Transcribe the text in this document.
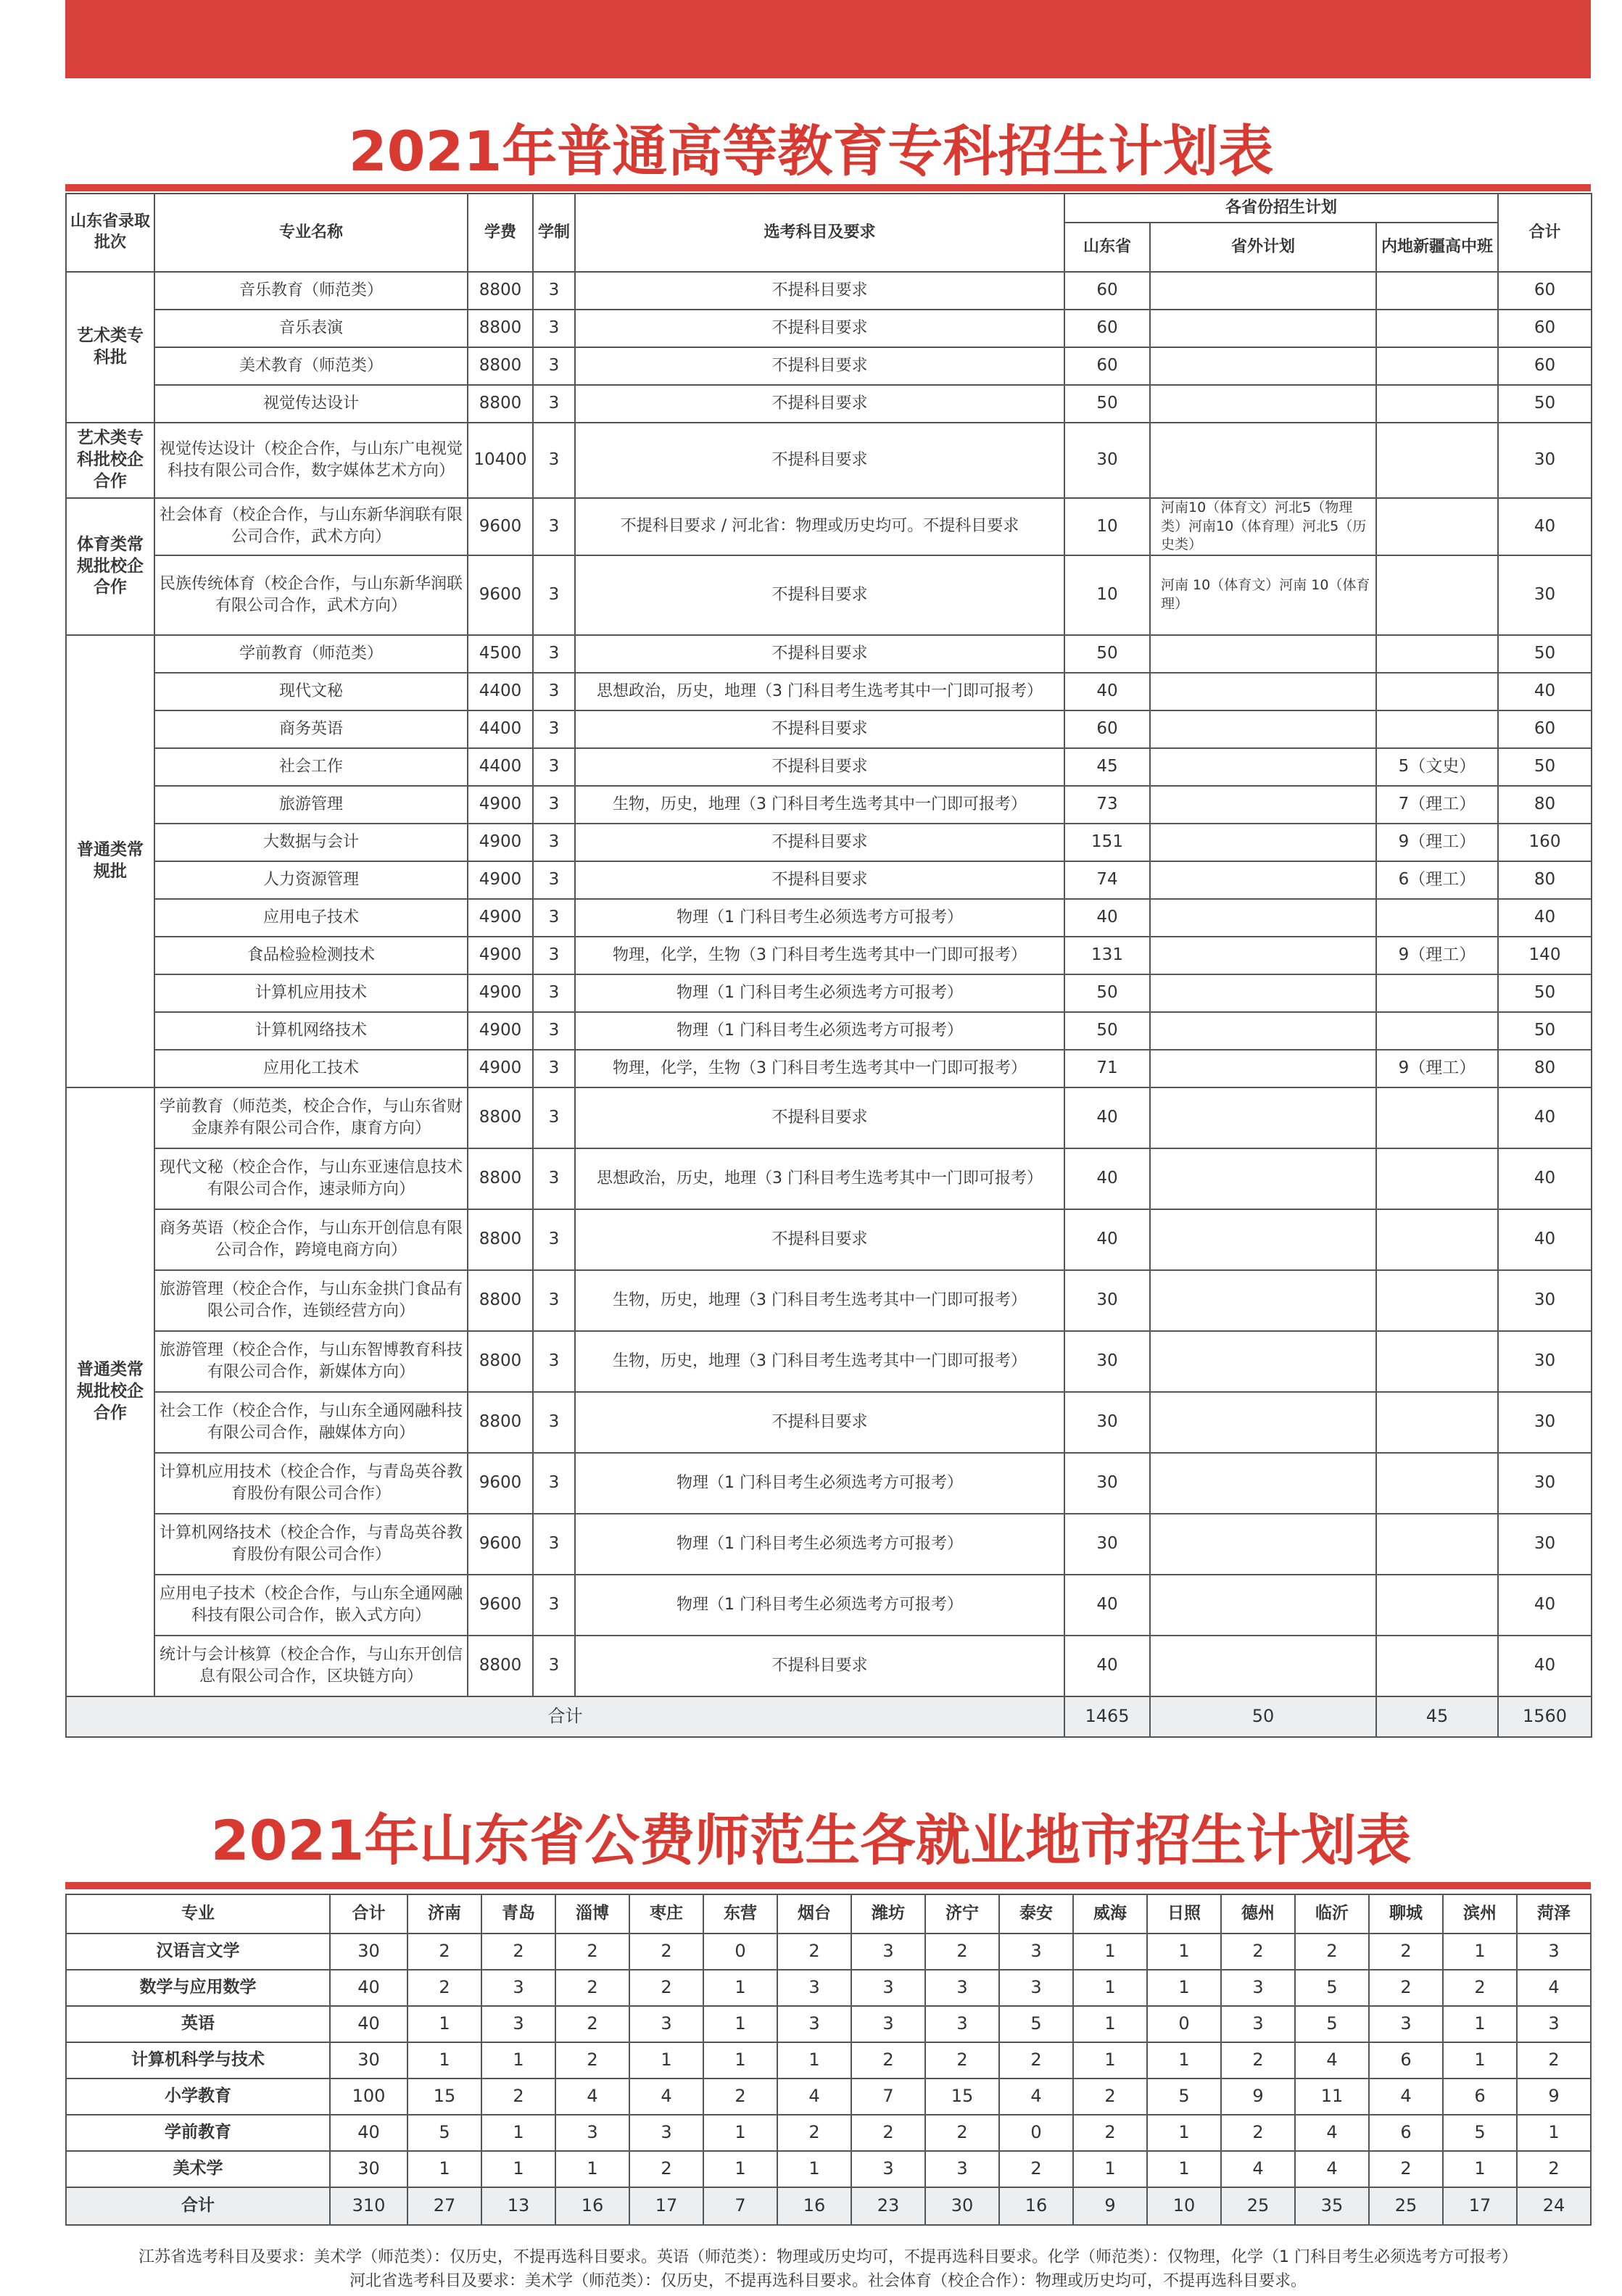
2021年普通高等教育专科招生计划表
山东省录取批次	专业名称	学费	学制	选考科目及要求	各省份招生计划			合计
					山东省	省外计划	内地新疆高中班	
艺术类专科批	音乐教育（师范类）	8800	3	不提科目要求	60			60
	音乐表演	8800	3	不提科目要求	60			60
	美术教育（师范类）	8800	3	不提科目要求	60			60
	视觉传达设计	8800	3	不提科目要求	50			50
艺术类专科批校企合作	视觉传达设计（校企合作，与山东广电视觉科技有限公司合作，数字媒体艺术方向）	10400	3	不提科目要求	30			30
体育类常规批校企合作	社会体育（校企合作，与山东新华润联有限公司合作，武术方向）	9600	3	不提科目要求 / 河北省：物理或历史均可。不提科目要求	10	河南10（体育文）河北5（物理类）河南10（体育理）河北5（历史类）		40
	民族传统体育（校企合作，与山东新华润联有限公司合作，武术方向）	9600	3	不提科目要求	10	河南 10（体育文）河南 10（体育理）		30
普通类常规批	学前教育（师范类）	4500	3	不提科目要求	50			50
	现代文秘	4400	3	思想政治，历史，地理（3 门科目考生选考其中一门即可报考）	40			40
	商务英语	4400	3	不提科目要求	60			60
	社会工作	4400	3	不提科目要求	45		5（文史）	50
	旅游管理	4900	3	生物，历史，地理（3 门科目考生选考其中一门即可报考）	73		7（理工）	80
	大数据与会计	4900	3	不提科目要求	151		9（理工）	160
	人力资源管理	4900	3	不提科目要求	74		6（理工）	80
	应用电子技术	4900	3	物理（1 门科目考生必须选考方可报考）	40			40
	食品检验检测技术	4900	3	物理，化学，生物（3 门科目考生选考其中一门即可报考）	131		9（理工）	140
	计算机应用技术	4900	3	物理（1 门科目考生必须选考方可报考）	50			50
	计算机网络技术	4900	3	物理（1 门科目考生必须选考方可报考）	50			50
	应用化工技术	4900	3	物理，化学，生物（3 门科目考生选考其中一门即可报考）	71		9（理工）	80
普通类常规批校企合作	学前教育（师范类，校企合作，与山东省财金康养有限公司合作，康育方向）	8800	3	不提科目要求	40			40
	现代文秘（校企合作，与山东亚速信息技术有限公司合作，速录师方向）	8800	3	思想政治，历史，地理（3 门科目考生选考其中一门即可报考）	40			40
	商务英语（校企合作，与山东开创信息有限公司合作，跨境电商方向）	8800	3	不提科目要求	40			40
	旅游管理（校企合作，与山东金拱门食品有限公司合作，连锁经营方向）	8800	3	生物，历史，地理（3 门科目考生选考其中一门即可报考）	30			30
	旅游管理（校企合作，与山东智博教育科技有限公司合作，新媒体方向）	8800	3	生物，历史，地理（3 门科目考生选考其中一门即可报考）	30			30
	社会工作（校企合作，与山东全通网融科技有限公司合作，融媒体方向）	8800	3	不提科目要求	30			30
	计算机应用技术（校企合作，与青岛英谷教育股份有限公司合作）	9600	3	物理（1 门科目考生必须选考方可报考）	30			30
	计算机网络技术（校企合作，与青岛英谷教育股份有限公司合作）	9600	3	物理（1 门科目考生必须选考方可报考）	30			30
	应用电子技术（校企合作，与山东全通网融科技有限公司合作，嵌入式方向）	9600	3	物理（1 门科目考生必须选考方可报考）	40			40
	统计与会计核算（校企合作，与山东开创信息有限公司合作，区块链方向）	8800	3	不提科目要求	40			40
合计					1465	50	45	1560
2021年山东省公费师范生各就业地市招生计划表
专业	合计	济南	青岛	淄博	枣庄	东营	烟台	潍坊	济宁	泰安	威海	日照	德州	临沂	聊城	滨州	菏泽
汉语言文学	30	2	2	2	2	0	2	3	2	3	1	1	2	2	2	1	3
数学与应用数学	40	2	3	2	2	1	3	3	3	3	1	1	3	5	2	2	4
英语	40	1	3	2	3	1	3	3	3	5	1	0	3	5	3	1	3
计算机科学与技术	30	1	1	2	1	1	1	2	2	2	1	1	2	4	6	1	2
小学教育	100	15	2	4	4	2	4	7	15	4	2	5	9	11	4	6	9
学前教育	40	5	1	3	3	1	2	2	2	0	2	1	2	4	6	5	1
美术学	30	1	1	1	2	1	1	3	3	2	1	1	4	4	2	1	2
合计	310	27	13	16	17	7	16	23	30	16	9	10	25	35	25	17	24
江苏省选考科目及要求：美术学（师范类）：仅历史，不提再选科目要求。英语（师范类）：物理或历史均可，不提再选科目要求。化学（师范类）：仅物理，化学（1 门科目考生必须选考方可报考）
河北省选考科目及要求：美术学（师范类）：仅历史，不提再选科目要求。社会体育（校企合作）：物理或历史均可，不提再选科目要求。
